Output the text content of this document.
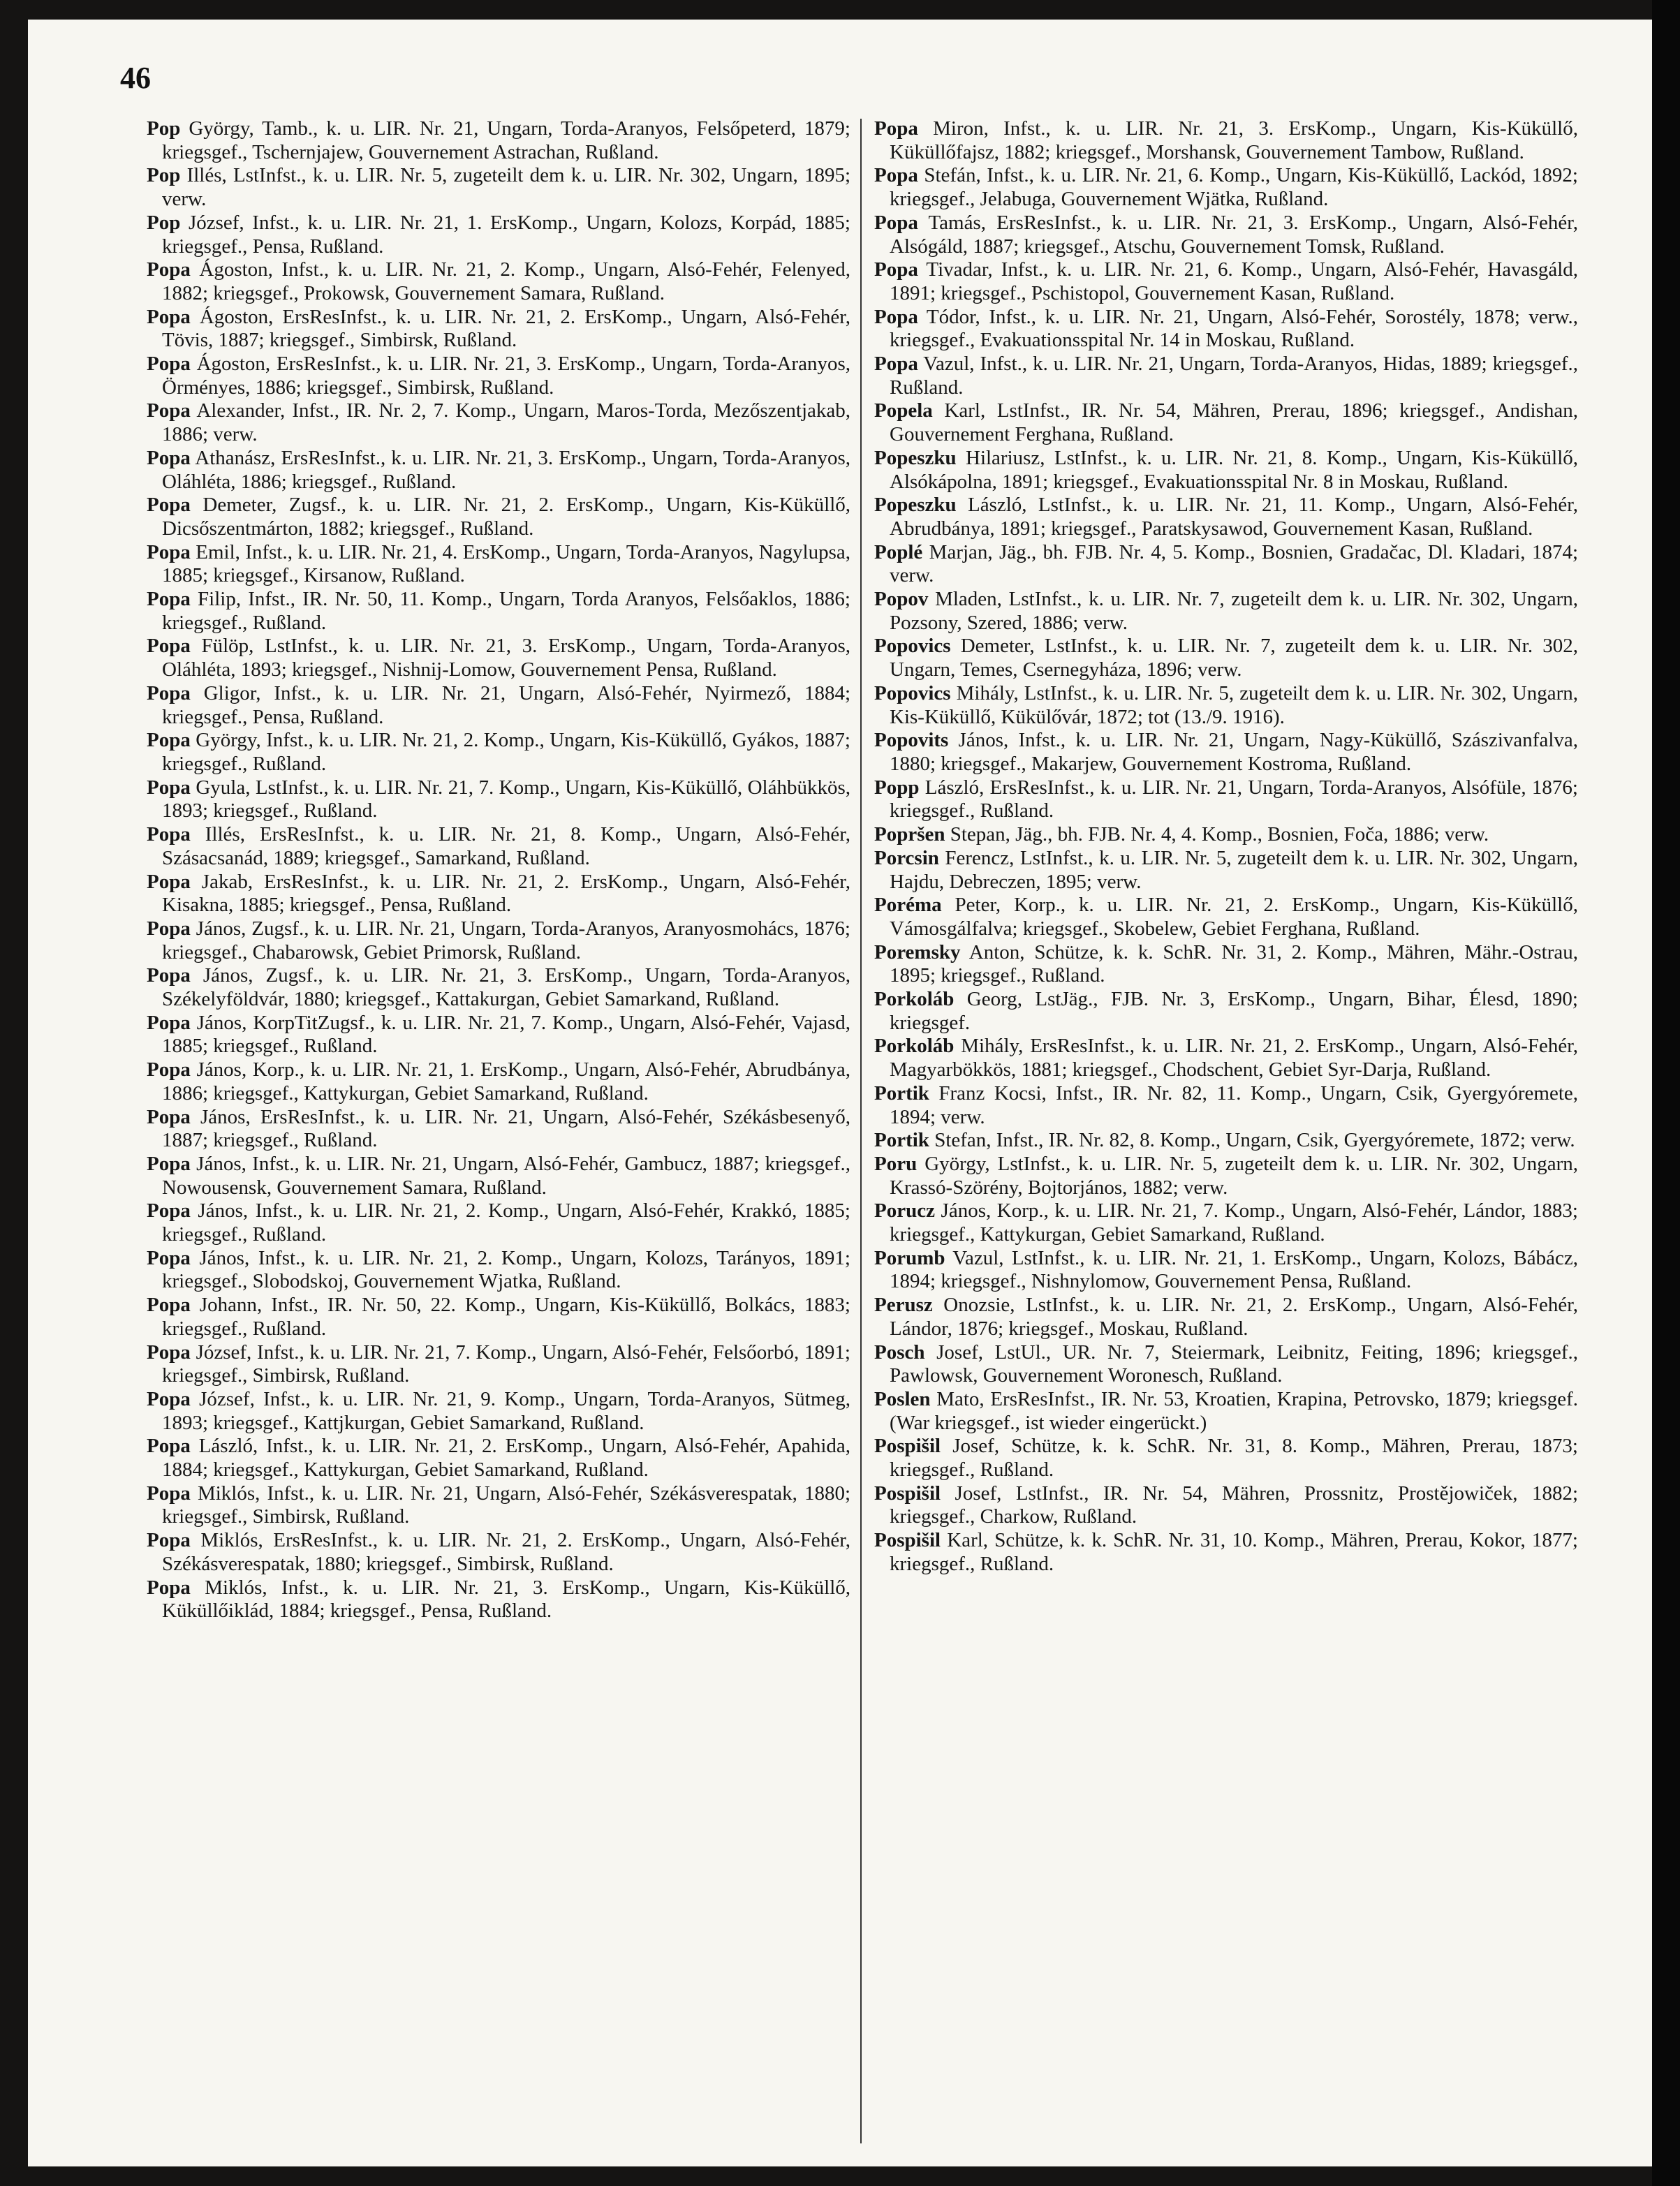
46

Pop György, Tamb., k. u. LIR. Nr. 21, Ungarn, Torda-Aranyos, Felsőpeterd, 1879; kriegsgef., Tschernjajew, Gouvernement Astrachan, Rußland.

Pop Illés, LstInfst., k. u. LIR. Nr. 5, zugeteilt dem k. u. LIR. Nr. 302, Ungarn, 1895; verw.

Pop József, Infst., k. u. LIR. Nr. 21, 1. ErsKomp., Ungarn, Kolozs, Korpád, 1885; kriegsgef., Pensa, Rußland.

Popa Ágoston, Infst., k. u. LIR. Nr. 21, 2. Komp., Ungarn, Alsó-Fehér, Felenyed, 1882; kriegsgef., Prokowsk, Gouvernement Samara, Rußland.

Popa Ágoston, ErsResInfst., k. u. LIR. Nr. 21, 2. ErsKomp., Ungarn, Alsó-Fehér, Tövis, 1887; kriegsgef., Simbirsk, Rußland.

Popa Ágoston, ErsResInfst., k. u. LIR. Nr. 21, 3. ErsKomp., Ungarn, Torda-Aranyos, Örményes, 1886; kriegsgef., Simbirsk, Rußland.

Popa Alexander, Infst., IR. Nr. 2, 7. Komp., Ungarn, Maros-Torda, Mezőszentjakab, 1886; verw.

Popa Athanász, ErsResInfst., k. u. LIR. Nr. 21, 3. ErsKomp., Ungarn, Torda-Aranyos, Oláhléta, 1886; kriegsgef., Rußland.

Popa Demeter, Zugsf., k. u. LIR. Nr. 21, 2. ErsKomp., Ungarn, Kis-Küküllő, Dicsőszentmárton, 1882; kriegsgef., Rußland.

Popa Emil, Infst., k. u. LIR. Nr. 21, 4. ErsKomp., Ungarn, Torda-Aranyos, Nagylupsa, 1885; kriegsgef., Kirsanow, Rußland.

Popa Filip, Infst., IR. Nr. 50, 11. Komp., Ungarn, Torda Aranyos, Felsőaklos, 1886; kriegsgef., Rußland.

Popa Fülöp, LstInfst., k. u. LIR. Nr. 21, 3. ErsKomp., Ungarn, Torda-Aranyos, Oláhléta, 1893; kriegsgef., Nishnij-Lomow, Gouvernement Pensa, Rußland.

Popa Gligor, Infst., k. u. LIR. Nr. 21, Ungarn, Alsó-Fehér, Nyirmező, 1884; kriegsgef., Pensa, Rußland.

Popa György, Infst., k. u. LIR. Nr. 21, 2. Komp., Ungarn, Kis-Küküllő, Gyákos, 1887; kriegsgef., Rußland.

Popa Gyula, LstInfst., k. u. LIR. Nr. 21, 7. Komp., Ungarn, Kis-Küküllő, Oláhbükkös, 1893; kriegsgef., Rußland.

Popa Illés, ErsResInfst., k. u. LIR. Nr. 21, 8. Komp., Ungarn, Alsó-Fehér, Szásacsanád, 1889; kriegsgef., Samarkand, Rußland.

Popa Jakab, ErsResInfst., k. u. LIR. Nr. 21, 2. ErsKomp., Ungarn, Alsó-Fehér, Kisakna, 1885; kriegsgef., Pensa, Rußland.

Popa János, Zugsf., k. u. LIR. Nr. 21, Ungarn, Torda-Aranyos, Aranyosmohács, 1876; kriegsgef., Chabarowsk, Gebiet Primorsk, Rußland.

Popa János, Zugsf., k. u. LIR. Nr. 21, 3. ErsKomp., Ungarn, Torda-Aranyos, Székelyföldvár, 1880; kriegsgef., Kattakurgan, Gebiet Samarkand, Rußland.

Popa János, KorpTitZugsf., k. u. LIR. Nr. 21, 7. Komp., Ungarn, Alsó-Fehér, Vajasd, 1885; kriegsgef., Rußland.

Popa János, Korp., k. u. LIR. Nr. 21, 1. ErsKomp., Ungarn, Alsó-Fehér, Abrudbánya, 1886; kriegsgef., Kattykurgan, Gebiet Samarkand, Rußland.

Popa János, ErsResInfst., k. u. LIR. Nr. 21, Ungarn, Alsó-Fehér, Székásbesenyő, 1887; kriegsgef., Rußland.

Popa János, Infst., k. u. LIR. Nr. 21, Ungarn, Alsó-Fehér, Gambucz, 1887; kriegsgef., Nowousensk, Gouvernement Samara, Rußland.

Popa János, Infst., k. u. LIR. Nr. 21, 2. Komp., Ungarn, Alsó-Fehér, Krakkó, 1885; kriegsgef., Rußland.

Popa János, Infst., k. u. LIR. Nr. 21, 2. Komp., Ungarn, Kolozs, Tarányos, 1891; kriegsgef., Slobodskoj, Gouvernement Wjatka, Rußland.

Popa Johann, Infst., IR. Nr. 50, 22. Komp., Ungarn, Kis-Küküllő, Bolkács, 1883; kriegsgef., Rußland.

Popa József, Infst., k. u. LIR. Nr. 21, 7. Komp., Ungarn, Alsó-Fehér, Felsőorbó, 1891; kriegsgef., Simbirsk, Rußland.

Popa József, Infst., k. u. LIR. Nr. 21, 9. Komp., Ungarn, Torda-Aranyos, Sütmeg, 1893; kriegsgef., Kattjkurgan, Gebiet Samarkand, Rußland.

Popa László, Infst., k. u. LIR. Nr. 21, 2. ErsKomp., Ungarn, Alsó-Fehér, Apahida, 1884; kriegsgef., Kattykurgan, Gebiet Samarkand, Rußland.

Popa Miklós, Infst., k. u. LIR. Nr. 21, Ungarn, Alsó-Fehér, Székásverespatak, 1880; kriegsgef., Simbirsk, Rußland.

Popa Miklós, ErsResInfst., k. u. LIR. Nr. 21, 2. ErsKomp., Ungarn, Alsó-Fehér, Székásverespatak, 1880; kriegsgef., Simbirsk, Rußland.

Popa Miklós, Infst., k. u. LIR. Nr. 21, 3. ErsKomp., Ungarn, Kis-Küküllő, Küküllőiklád, 1884; kriegsgef., Pensa, Rußland.

Popa Miron, Infst., k. u. LIR. Nr. 21, 3. ErsKomp., Ungarn, Kis-Küküllő, Küküllőfajsz, 1882; kriegsgef., Morshansk, Gouvernement Tambow, Rußland.

Popa Stefán, Infst., k. u. LIR. Nr. 21, 6. Komp., Ungarn, Kis-Küküllő, Lackód, 1892; kriegsgef., Jelabuga, Gouvernement Wjätka, Rußland.

Popa Tamás, ErsResInfst., k. u. LIR. Nr. 21, 3. ErsKomp., Ungarn, Alsó-Fehér, Alsógáld, 1887; kriegsgef., Atschu, Gouvernement Tomsk, Rußland.

Popa Tivadar, Infst., k. u. LIR. Nr. 21, 6. Komp., Ungarn, Alsó-Fehér, Havasgáld, 1891; kriegsgef., Pschistopol, Gouvernement Kasan, Rußland.

Popa Tódor, Infst., k. u. LIR. Nr. 21, Ungarn, Alsó-Fehér, Sorostély, 1878; verw., kriegsgef., Evakuationsspital Nr. 14 in Moskau, Rußland.

Popa Vazul, Infst., k. u. LIR. Nr. 21, Ungarn, Torda-Aranyos, Hidas, 1889; kriegsgef., Rußland.

Popela Karl, LstInfst., IR. Nr. 54, Mähren, Prerau, 1896; kriegsgef., Andishan, Gouvernement Ferghana, Rußland.

Popeszku Hilariusz, LstInfst., k. u. LIR. Nr. 21, 8. Komp., Ungarn, Kis-Küküllő, Alsókápolna, 1891; kriegsgef., Evakuationsspital Nr. 8 in Moskau, Rußland.

Popeszku László, LstInfst., k. u. LIR. Nr. 21, 11. Komp., Ungarn, Alsó-Fehér, Abrudbánya, 1891; kriegsgef., Paratskysawod, Gouvernement Kasan, Rußland.

Poplé Marjan, Jäg., bh. FJB. Nr. 4, 5. Komp., Bosnien, Gradačac, Dl. Kladari, 1874; verw.

Popov Mladen, LstInfst., k. u. LIR. Nr. 7, zugeteilt dem k. u. LIR. Nr. 302, Ungarn, Pozsony, Szered, 1886; verw.

Popovics Demeter, LstInfst., k. u. LIR. Nr. 7, zugeteilt dem k. u. LIR. Nr. 302, Ungarn, Temes, Csernegyháza, 1896; verw.

Popovics Mihály, LstInfst., k. u. LIR. Nr. 5, zugeteilt dem k. u. LIR. Nr. 302, Ungarn, Kis-Küküllő, Kükülővár, 1872; tot (13./9. 1916).

Popovits János, Infst., k. u. LIR. Nr. 21, Ungarn, Nagy-Küküllő, Szászivanfalva, 1880; kriegsgef., Makarjew, Gouvernement Kostroma, Rußland.

Popp László, ErsResInfst., k. u. LIR. Nr. 21, Ungarn, Torda-Aranyos, Alsófüle, 1876; kriegsgef., Rußland.

Popršen Stepan, Jäg., bh. FJB. Nr. 4, 4. Komp., Bosnien, Foča, 1886; verw.

Porcsin Ferencz, LstInfst., k. u. LIR. Nr. 5, zugeteilt dem k. u. LIR. Nr. 302, Ungarn, Hajdu, Debreczen, 1895; verw.

Poréma Peter, Korp., k. u. LIR. Nr. 21, 2. ErsKomp., Ungarn, Kis-Küküllő, Vámosgálfalva; kriegsgef., Skobelew, Gebiet Ferghana, Rußland.

Poremsky Anton, Schütze, k. k. SchR. Nr. 31, 2. Komp., Mähren, Mähr.-Ostrau, 1895; kriegsgef., Rußland.

Porkoláb Georg, LstJäg., FJB. Nr. 3, ErsKomp., Ungarn, Bihar, Élesd, 1890; kriegsgef.

Porkoláb Mihály, ErsResInfst., k. u. LIR. Nr. 21, 2. ErsKomp., Ungarn, Alsó-Fehér, Magyarbökkös, 1881; kriegsgef., Chodschent, Gebiet Syr-Darja, Rußland.

Portik Franz Kocsi, Infst., IR. Nr. 82, 11. Komp., Ungarn, Csik, Gyergyóremete, 1894; verw.

Portik Stefan, Infst., IR. Nr. 82, 8. Komp., Ungarn, Csik, Gyergyóremete, 1872; verw.

Poru György, LstInfst., k. u. LIR. Nr. 5, zugeteilt dem k. u. LIR. Nr. 302, Ungarn, Krassó-Szörény, Bojtorjános, 1882; verw.

Porucz János, Korp., k. u. LIR. Nr. 21, 7. Komp., Ungarn, Alsó-Fehér, Lándor, 1883; kriegsgef., Kattykurgan, Gebiet Samarkand, Rußland.

Porumb Vazul, LstInfst., k. u. LIR. Nr. 21, 1. ErsKomp., Ungarn, Kolozs, Bábácz, 1894; kriegsgef., Nishnylomow, Gouvernement Pensa, Rußland.

Perusz Onozsie, LstInfst., k. u. LIR. Nr. 21, 2. ErsKomp., Ungarn, Alsó-Fehér, Lándor, 1876; kriegsgef., Moskau, Rußland.

Posch Josef, LstUl., UR. Nr. 7, Steiermark, Leibnitz, Feiting, 1896; kriegsgef., Pawlowsk, Gouvernement Woronesch, Rußland.

Poslen Mato, ErsResInfst., IR. Nr. 53, Kroatien, Krapina, Petrovsko, 1879; kriegsgef. (War kriegsgef., ist wieder eingerückt.)

Pospišil Josef, Schütze, k. k. SchR. Nr. 31, 8. Komp., Mähren, Prerau, 1873; kriegsgef., Rußland.

Pospišil Josef, LstInfst., IR. Nr. 54, Mähren, Prossnitz, Prostějowiček, 1882; kriegsgef., Charkow, Rußland.

Pospišil Karl, Schütze, k. k. SchR. Nr. 31, 10. Komp., Mähren, Prerau, Kokor, 1877; kriegsgef., Rußland.
